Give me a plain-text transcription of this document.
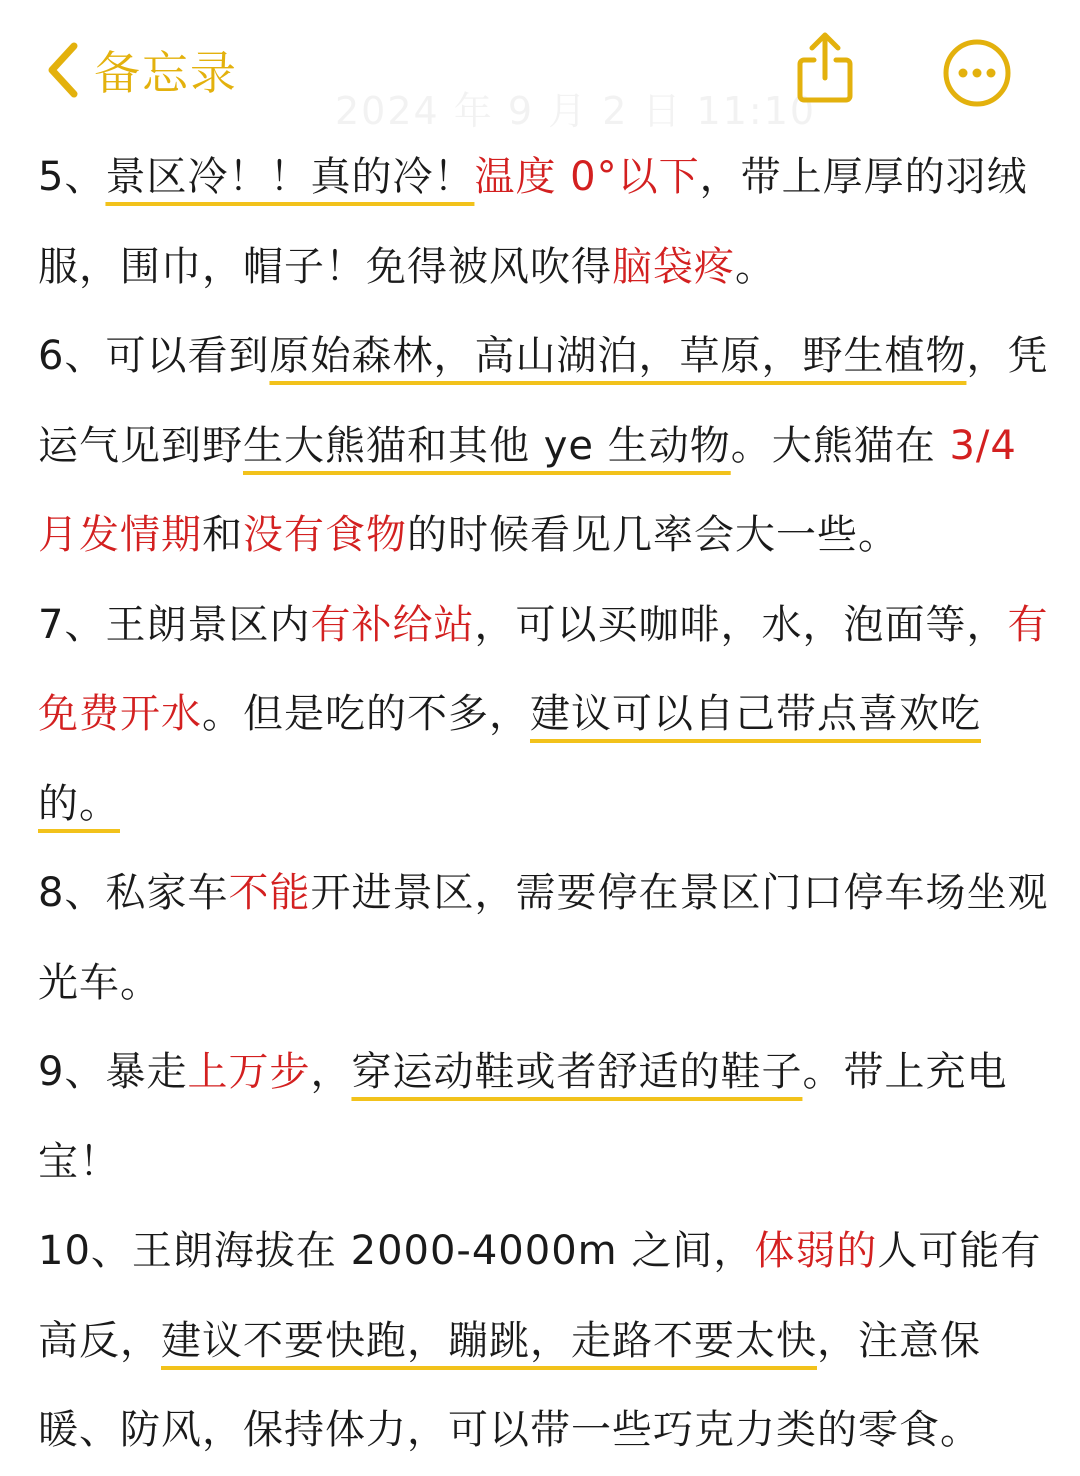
备忘录
2024 年 9 月 2 日 11:10

5、景区冷！！真的冷！温度 0°以下，带上厚厚的羽绒服，围巾，帽子！免得被风吹得脑袋疼。

6、可以看到原始森林，高山湖泊，草原，野生植物，凭运气见到野生大熊猫和其他 ye 生动物。大熊猫在 3/4 月发情期和没有食物的时候看见几率会大一些。

7、王朗景区内有补给站，可以买咖啡，水，泡面等，有免费开水。但是吃的不多，建议可以自己带点喜欢吃的。

8、私家车不能开进景区，需要停在景区门口停车场坐观光车。

9、暴走上万步，穿运动鞋或者舒适的鞋子。带上充电宝！

10、王朗海拔在 2000-4000m 之间，体弱的人可能有高反，建议不要快跑，蹦跳，走路不要太快，注意保暖、防风，保持体力，可以带一些巧克力类的零食。
